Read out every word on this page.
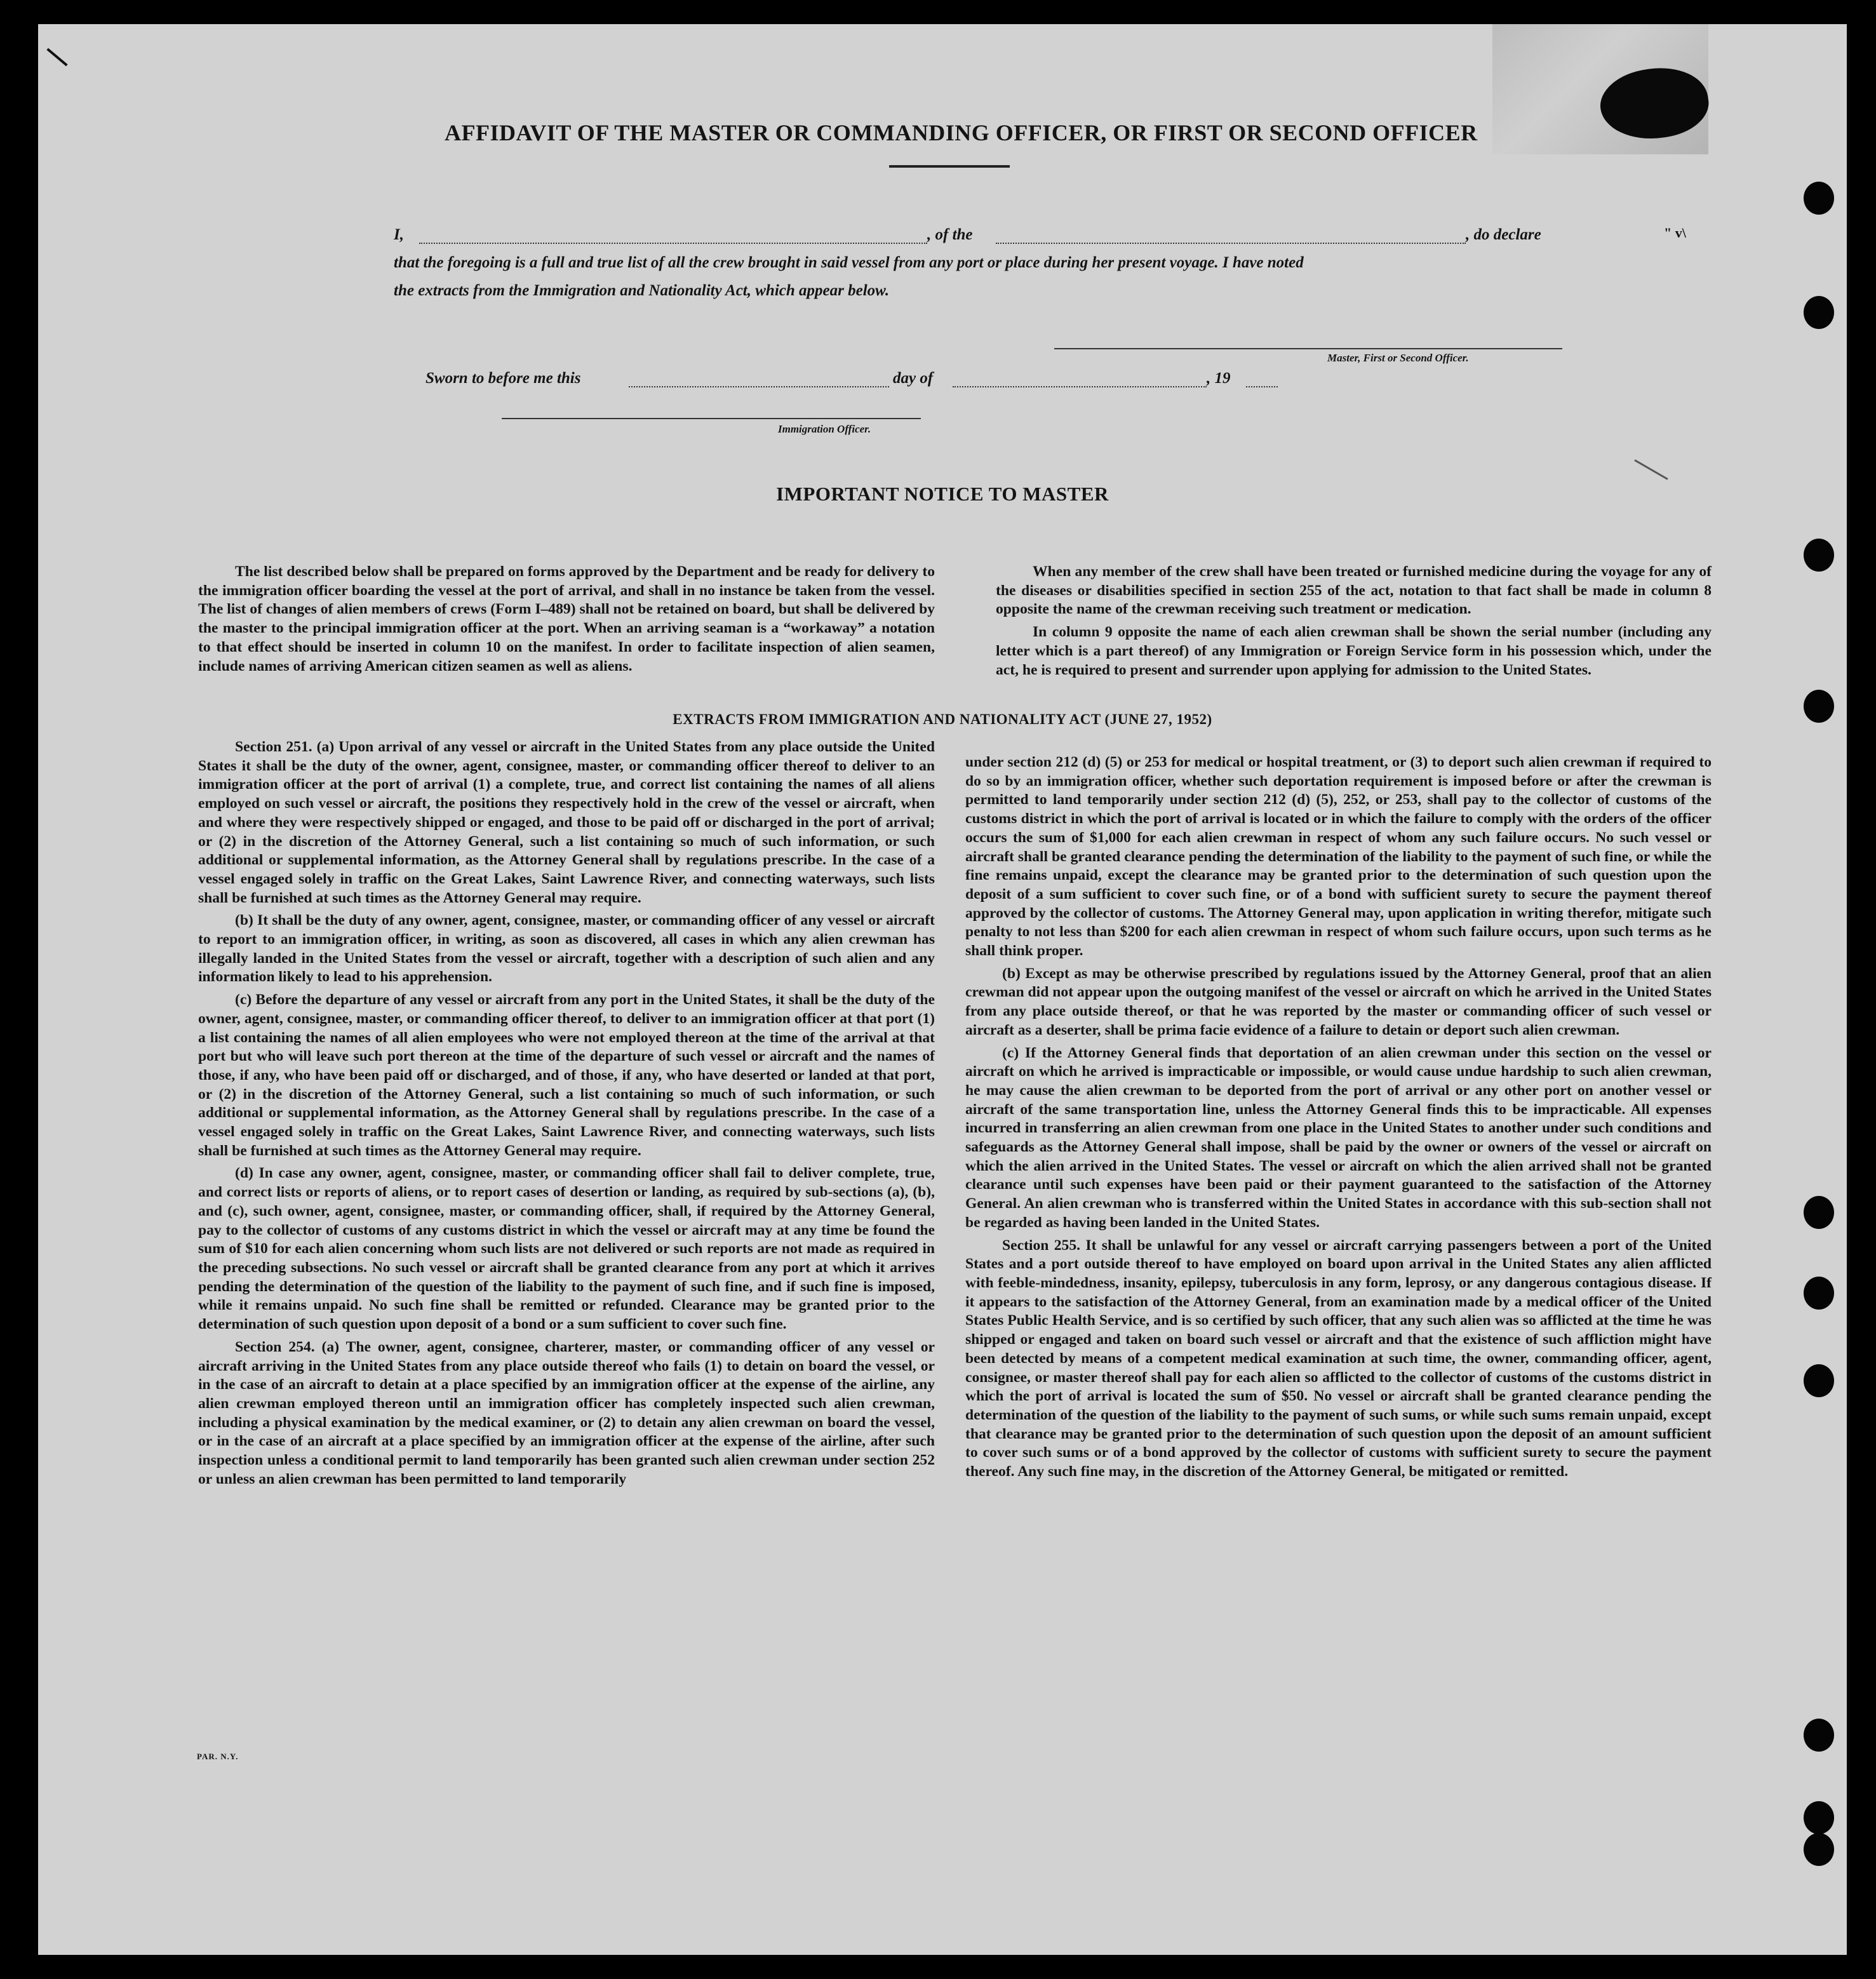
AFFIDAVIT OF THE MASTER OR COMMANDING OFFICER, OR FIRST OR SECOND OFFICER
I,	, of the	, do declare	" v\
that the foregoing is a full and true list of all the crew brought in said vessel from any port or place during her present voyage. I have noted
the extracts from the Immigration and Nationality Act, which appear below.
Master, First or Second Officer.
Sworn to before me this	day of	, 19
Immigration Officer.
IMPORTANT NOTICE TO MASTER

The list described below shall be prepared on forms approved by the Department and be ready for delivery to the immigration officer boarding the vessel at the port of arrival, and shall in no instance be taken from the vessel. The list of changes of alien members of crews (Form I–489) shall not be retained on board, but shall be delivered by the master to the principal immigration officer at the port. When an arriving seaman is a “workaway” a notation to that effect should be inserted in column 10 on the manifest. In order to facilitate inspection of alien seamen, include names of arriving American citizen seamen as well as aliens.

When any member of the crew shall have been treated or furnished medicine during the voyage for any of the diseases or disabilities specified in section 255 of the act, notation to that fact shall be made in column 8 opposite the name of the crewman receiving such treatment or medication.

In column 9 opposite the name of each alien crewman shall be shown the serial number (including any letter which is a part thereof) of any Immigration or Foreign Service form in his possession which, under the act, he is required to present and surrender upon applying for admission to the United States.

EXTRACTS FROM IMMIGRATION AND NATIONALITY ACT (JUNE 27, 1952)

Section 251. (a) Upon arrival of any vessel or aircraft in the United States from any place outside the United States it shall be the duty of the owner, agent, consignee, master, or commanding officer thereof to deliver to an immigration officer at the port of arrival (1) a complete, true, and correct list containing the names of all aliens employed on such vessel or aircraft, the positions they respectively hold in the crew of the vessel or aircraft, when and where they were respectively shipped or engaged, and those to be paid off or discharged in the port of arrival; or (2) in the discretion of the Attorney General, such a list containing so much of such information, or such additional or supplemental information, as the Attorney General shall by regulations prescribe. In the case of a vessel engaged solely in traffic on the Great Lakes, Saint Lawrence River, and connecting waterways, such lists shall be furnished at such times as the Attorney General may require.

(b) It shall be the duty of any owner, agent, consignee, master, or commanding officer of any vessel or aircraft to report to an immigration officer, in writing, as soon as discovered, all cases in which any alien crewman has illegally landed in the United States from the vessel or aircraft, together with a description of such alien and any information likely to lead to his apprehension.

(c) Before the departure of any vessel or aircraft from any port in the United States, it shall be the duty of the owner, agent, consignee, master, or commanding officer thereof, to deliver to an immigration officer at that port (1) a list containing the names of all alien employees who were not employed thereon at the time of the arrival at that port but who will leave such port thereon at the time of the departure of such vessel or aircraft and the names of those, if any, who have been paid off or discharged, and of those, if any, who have deserted or landed at that port, or (2) in the discretion of the Attorney General, such a list containing so much of such information, or such additional or supplemental information, as the Attorney General shall by regulations prescribe. In the case of a vessel engaged solely in traffic on the Great Lakes, Saint Lawrence River, and connecting waterways, such lists shall be furnished at such times as the Attorney General may require.

(d) In case any owner, agent, consignee, master, or commanding officer shall fail to deliver complete, true, and correct lists or reports of aliens, or to report cases of desertion or landing, as required by sub-sections (a), (b), and (c), such owner, agent, consignee, master, or commanding officer, shall, if required by the Attorney General, pay to the collector of customs of any customs district in which the vessel or aircraft may at any time be found the sum of $10 for each alien concerning whom such lists are not delivered or such reports are not made as required in the preceding subsections. No such vessel or aircraft shall be granted clearance from any port at which it arrives pending the determination of the question of the liability to the payment of such fine, and if such fine is imposed, while it remains unpaid. No such fine shall be remitted or refunded. Clearance may be granted prior to the determination of such question upon deposit of a bond or a sum sufficient to cover such fine.

Section 254. (a) The owner, agent, consignee, charterer, master, or commanding officer of any vessel or aircraft arriving in the United States from any place outside thereof who fails (1) to detain on board the vessel, or in the case of an aircraft to detain at a place specified by an immigration officer at the expense of the airline, any alien crewman employed thereon until an immigration officer has completely inspected such alien crewman, including a physical examination by the medical examiner, or (2) to detain any alien crewman on board the vessel, or in the case of an aircraft at a place specified by an immigration officer at the expense of the airline, after such inspection unless a conditional permit to land temporarily has been granted such alien crewman under section 252 or unless an alien crewman has been permitted to land temporarily

under section 212 (d) (5) or 253 for medical or hospital treatment, or (3) to deport such alien crewman if required to do so by an immigration officer, whether such deportation requirement is imposed before or after the crewman is permitted to land temporarily under section 212 (d) (5), 252, or 253, shall pay to the collector of customs of the customs district in which the port of arrival is located or in which the failure to comply with the orders of the officer occurs the sum of $1,000 for each alien crewman in respect of whom any such failure occurs. No such vessel or aircraft shall be granted clearance pending the determination of the liability to the payment of such fine, or while the fine remains unpaid, except the clearance may be granted prior to the determination of such question upon the deposit of a sum sufficient to cover such fine, or of a bond with sufficient surety to secure the payment thereof approved by the collector of customs. The Attorney General may, upon application in writing therefor, mitigate such penalty to not less than $200 for each alien crewman in respect of whom such failure occurs, upon such terms as he shall think proper.

(b) Except as may be otherwise prescribed by regulations issued by the Attorney General, proof that an alien crewman did not appear upon the outgoing manifest of the vessel or aircraft on which he arrived in the United States from any place outside thereof, or that he was reported by the master or commanding officer of such vessel or aircraft as a deserter, shall be prima facie evidence of a failure to detain or deport such alien crewman.

(c) If the Attorney General finds that deportation of an alien crewman under this section on the vessel or aircraft on which he arrived is impracticable or impossible, or would cause undue hardship to such alien crewman, he may cause the alien crewman to be deported from the port of arrival or any other port on another vessel or aircraft of the same transportation line, unless the Attorney General finds this to be impracticable. All expenses incurred in transferring an alien crewman from one place in the United States to another under such conditions and safeguards as the Attorney General shall impose, shall be paid by the owner or owners of the vessel or aircraft on which the alien arrived in the United States. The vessel or aircraft on which the alien arrived shall not be granted clearance until such expenses have been paid or their payment guaranteed to the satisfaction of the Attorney General. An alien crewman who is transferred within the United States in accordance with this sub-section shall not be regarded as having been landed in the United States.

Section 255. It shall be unlawful for any vessel or aircraft carrying passengers between a port of the United States and a port outside thereof to have employed on board upon arrival in the United States any alien afflicted with feeble-mindedness, insanity, epilepsy, tuberculosis in any form, leprosy, or any dangerous contagious disease. If it appears to the satisfaction of the Attorney General, from an examination made by a medical officer of the United States Public Health Service, and is so certified by such officer, that any such alien was so afflicted at the time he was shipped or engaged and taken on board such vessel or aircraft and that the existence of such affliction might have been detected by means of a competent medical examination at such time, the owner, commanding officer, agent, consignee, or master thereof shall pay for each alien so afflicted to the collector of customs of the customs district in which the port of arrival is located the sum of $50. No vessel or aircraft shall be granted clearance pending the determination of the question of the liability to the payment of such sums, or while such sums remain unpaid, except that clearance may be granted prior to the determination of such question upon the deposit of an amount sufficient to cover such sums or of a bond approved by the collector of customs with sufficient surety to secure the payment thereof. Any such fine may, in the discretion of the Attorney General, be mitigated or remitted.

PAR. N.Y.
